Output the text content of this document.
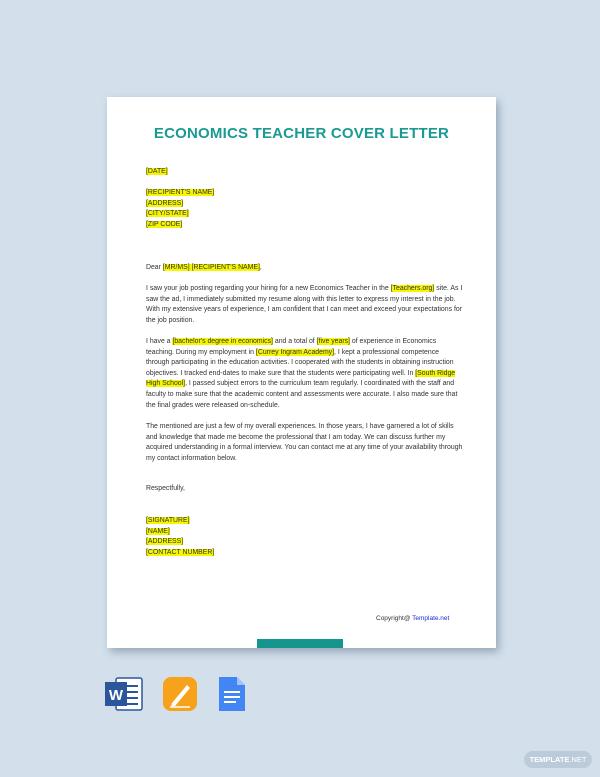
ECONOMICS TEACHER COVER LETTER
[DATE]
[RECIPIENT'S NAME]
[ADDRESS]
[CITY/STATE]
[ZIP CODE]
Dear [MR/MS] [RECIPIENT'S NAME],
I saw your job posting regarding your hiring for a new Economics Teacher in the [Teachers.org] site. As I saw the ad, I immediately submitted my resume along with this letter to express my interest in the job. With my extensive years of experience, I am confident that I can meet and exceed your expectations for the job position.
I have a [bachelor's degree in economics] and a total of [five years] of experience in Economics teaching. During my employment in [Currey Ingram Academy], I kept a professional competence through participating in the education activities. I cooperated with the students in obtaining instruction objectives. I tracked end-dates to make sure that the students were participating well. In [South Ridge High School], I passed subject errors to the curriculum team regularly. I coordinated with the staff and faculty to make sure that the academic content and assessments were accurate. I also made sure that the final grades were released on-schedule.
The mentioned are just a few of my overall experiences. In those years, I have garnered a lot of skills and knowledge that made me become the professional that I am today. We can discuss further my acquired understanding in a formal interview. You can contact me at any time of your availability through my contact information below.
Respectfully,
[SIGNATURE]
[NAME]
[ADDRESS]
[CONTACT NUMBER]
Copyright@ Template.net
W
TEMPLATE.NET
